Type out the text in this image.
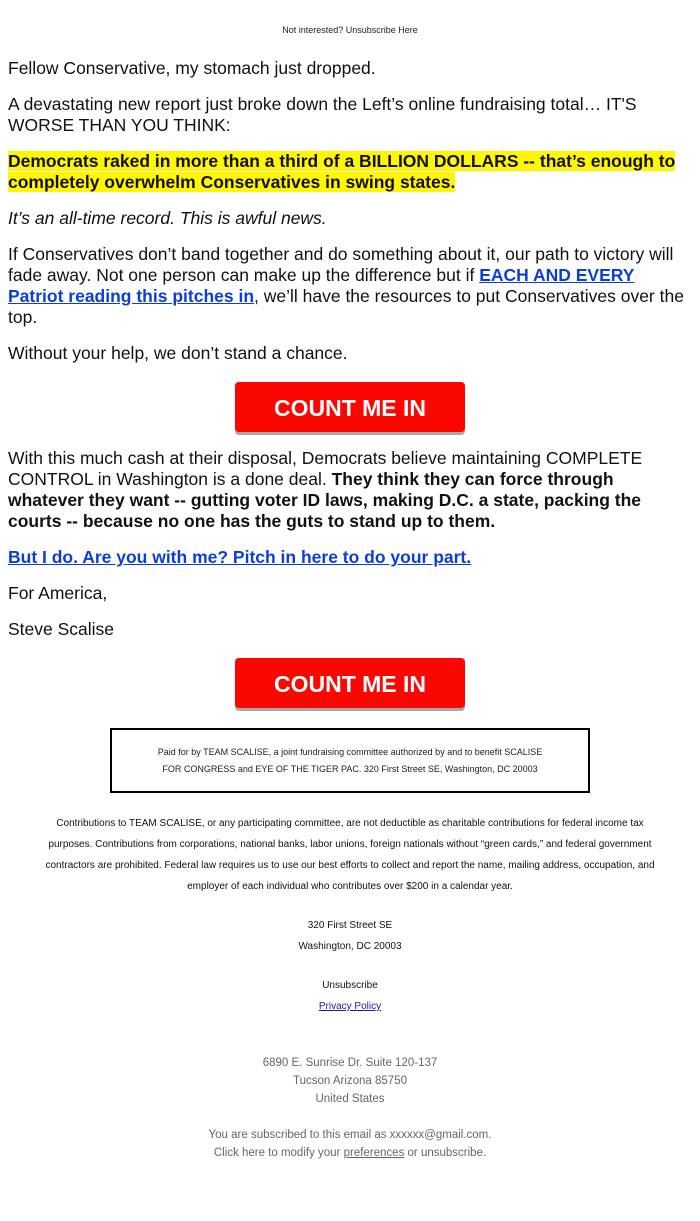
Not interested? Unsubscribe Here

Fellow Conservative, my stomach just dropped.

A devastating new report just broke down the Left’s online fundraising total… IT'S WORSE THAN YOU THINK:

Democrats raked in more than a third of a BILLION DOLLARS -- that’s enough to completely overwhelm Conservatives in swing states.

It’s an all-time record. This is awful news.

If Conservatives don’t band together and do something about it, our path to victory will fade away. Not one person can make up the difference but if EACH AND EVERY Patriot reading this pitches in, we’ll have the resources to put Conservatives over the top.

Without your help, we don’t stand a chance.

COUNT ME IN

With this much cash at their disposal, Democrats believe maintaining COMPLETE CONTROL in Washington is a done deal. They think they can force through whatever they want -- gutting voter ID laws, making D.C. a state, packing the courts -- because no one has the guts to stand up to them.

But I do. Are you with me? Pitch in here to do your part.

For America,

Steve Scalise

COUNT ME IN
Paid for by TEAM SCALISE, a joint fundraising committee authorized by and to benefit SCALISE
FOR CONGRESS and EYE OF THE TIGER PAC. 320 First Street SE, Washington, DC 20003
Contributions to TEAM SCALISE, or any participating committee, are not deductible as charitable contributions for federal income tax
purposes. Contributions from corporations, national banks, labor unions, foreign nationals without “green cards,” and federal government
contractors are prohibited. Federal law requires us to use our best efforts to collect and report the name, mailing address, occupation, and
employer of each individual who contributes over $200 in a calendar year.
320 First Street SE
Washington, DC 20003
Unsubscribe
Privacy Policy
6890 E. Sunrise Dr. Suite 120-137
Tucson Arizona 85750
United States
You are subscribed to this email as xxxxxx@gmail.com.
Click here to modify your preferences or unsubscribe.
